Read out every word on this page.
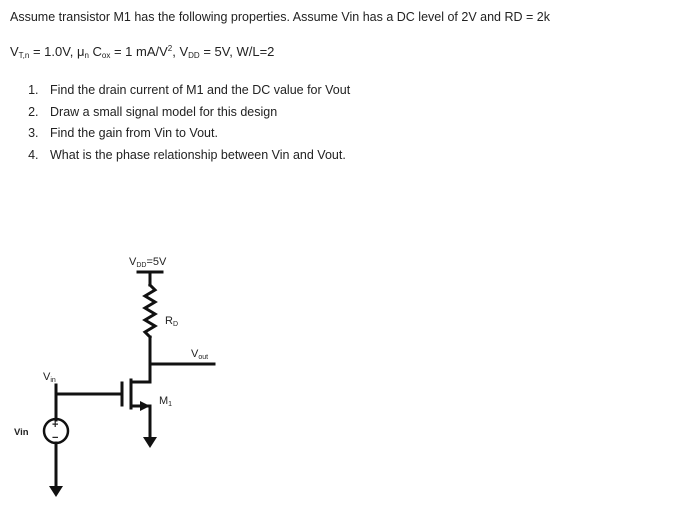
Assume transistor M1 has the following properties. Assume Vin has a DC level of 2V and RD = 2k
$V_{T,n} = 1.0V$, $\mu_n$ $C_{ox} = 1$ $mA/V^2$, $V_{DD} = 5V$, W/L=2
1. Find the drain current of M1 and the DC value for Vout
2. Draw a small signal model for this design
3. Find the gain from Vin to Vout.
4. What is the phase relationship between Vin and Vout.
+
−
VDD=5V
RD
Vout
Vin
M1
Vin
